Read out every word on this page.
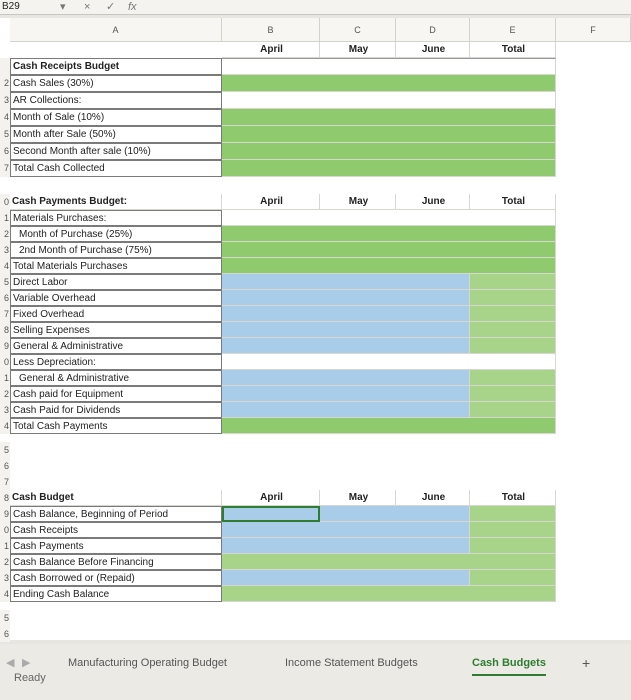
B29	▾ × ✓ fx
A	B	C	D	E	F
April	May	June	Total
Cash Receipts Budget
Cash Sales (30%)
AR Collections:
Month of Sale (10%)
Month after Sale (50%)
Second Month after sale (10%)
Total Cash Collected
Cash Payments Budget:	April	May	June	Total
Materials Purchases:
Month of Purchase (25%)
2nd Month of Purchase (75%)
Total Materials Purchases
Direct Labor
Variable Overhead
Fixed Overhead
Selling Expenses
General & Administrative
Less Depreciation:
General & Administrative
Cash paid for Equipment
Cash Paid for Dividends
Total Cash Payments
Cash Budget	April	May	June	Total
Cash Balance, Beginning of Period
Cash Receipts
Cash Payments
Cash Balance Before Financing
Cash Borrowed or (Repaid)
Ending Cash Balance
2
3
4
5
6
7
0
1
2
3
4
5
6
7
8
9
0
1
2
3
4
5
6
7
8
9
0
1
2
3
4
5
6
◀ ▶	Manufacturing Operating Budget	Income Statement Budgets	Cash Budgets	+
Ready
